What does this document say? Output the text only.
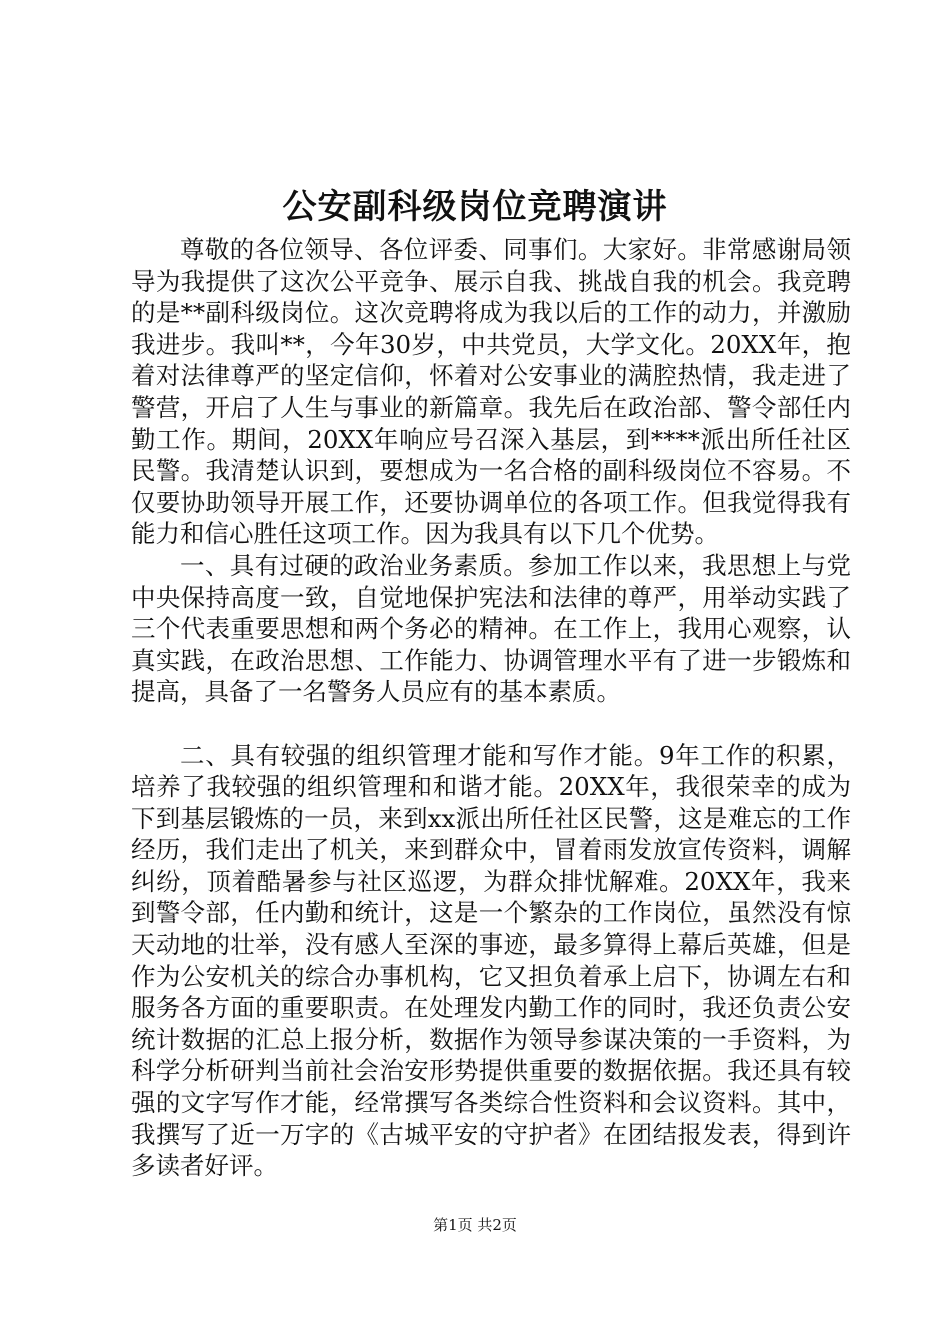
公安副科级岗位竞聘演讲

尊敬的各位领导、各位评委、同事们。大家好。非常感谢局领导为我提供了这次公平竞争、展示自我、挑战自我的机会。我竞聘的是**副科级岗位。这次竞聘将成为我以后的工作的动力，并激励我进步。我叫**，今年30岁，中共党员，大学文化。20XX年，抱着对法律尊严的坚定信仰，怀着对公安事业的满腔热情，我走进了警营，开启了人生与事业的新篇章。我先后在政治部、警令部任内勤工作。期间，20XX年响应号召深入基层，到****派出所任社区民警。我清楚认识到，要想成为一名合格的副科级岗位不容易。不仅要协助领导开展工作，还要协调单位的各项工作。但我觉得我有能力和信心胜任这项工作。因为我具有以下几个优势。

一、具有过硬的政治业务素质。参加工作以来，我思想上与党中央保持高度一致，自觉地保护宪法和法律的尊严，用举动实践了三个代表重要思想和两个务必的精神。在工作上，我用心观察，认真实践，在政治思想、工作能力、协调管理水平有了进一步锻炼和提高，具备了一名警务人员应有的基本素质。

二、具有较强的组织管理才能和写作才能。9年工作的积累，培养了我较强的组织管理和和谐才能。20XX年，我很荣幸的成为下到基层锻炼的一员，来到xx派出所任社区民警，这是难忘的工作经历，我们走出了机关，来到群众中，冒着雨发放宣传资料，调解纠纷，顶着酷暑参与社区巡逻，为群众排忧解难。20XX年，我来到警令部，任内勤和统计，这是一个繁杂的工作岗位，虽然没有惊天动地的壮举，没有感人至深的事迹，最多算得上幕后英雄，但是作为公安机关的综合办事机构，它又担负着承上启下，协调左右和服务各方面的重要职责。在处理发内勤工作的同时，我还负责公安统计数据的汇总上报分析，数据作为领导参谋决策的一手资料，为科学分析研判当前社会治安形势提供重要的数据依据。我还具有较强的文字写作才能，经常撰写各类综合性资料和会议资料。其中，我撰写了近一万字的《古城平安的守护者》在团结报发表，得到许多读者好评。

第1页 共2页
